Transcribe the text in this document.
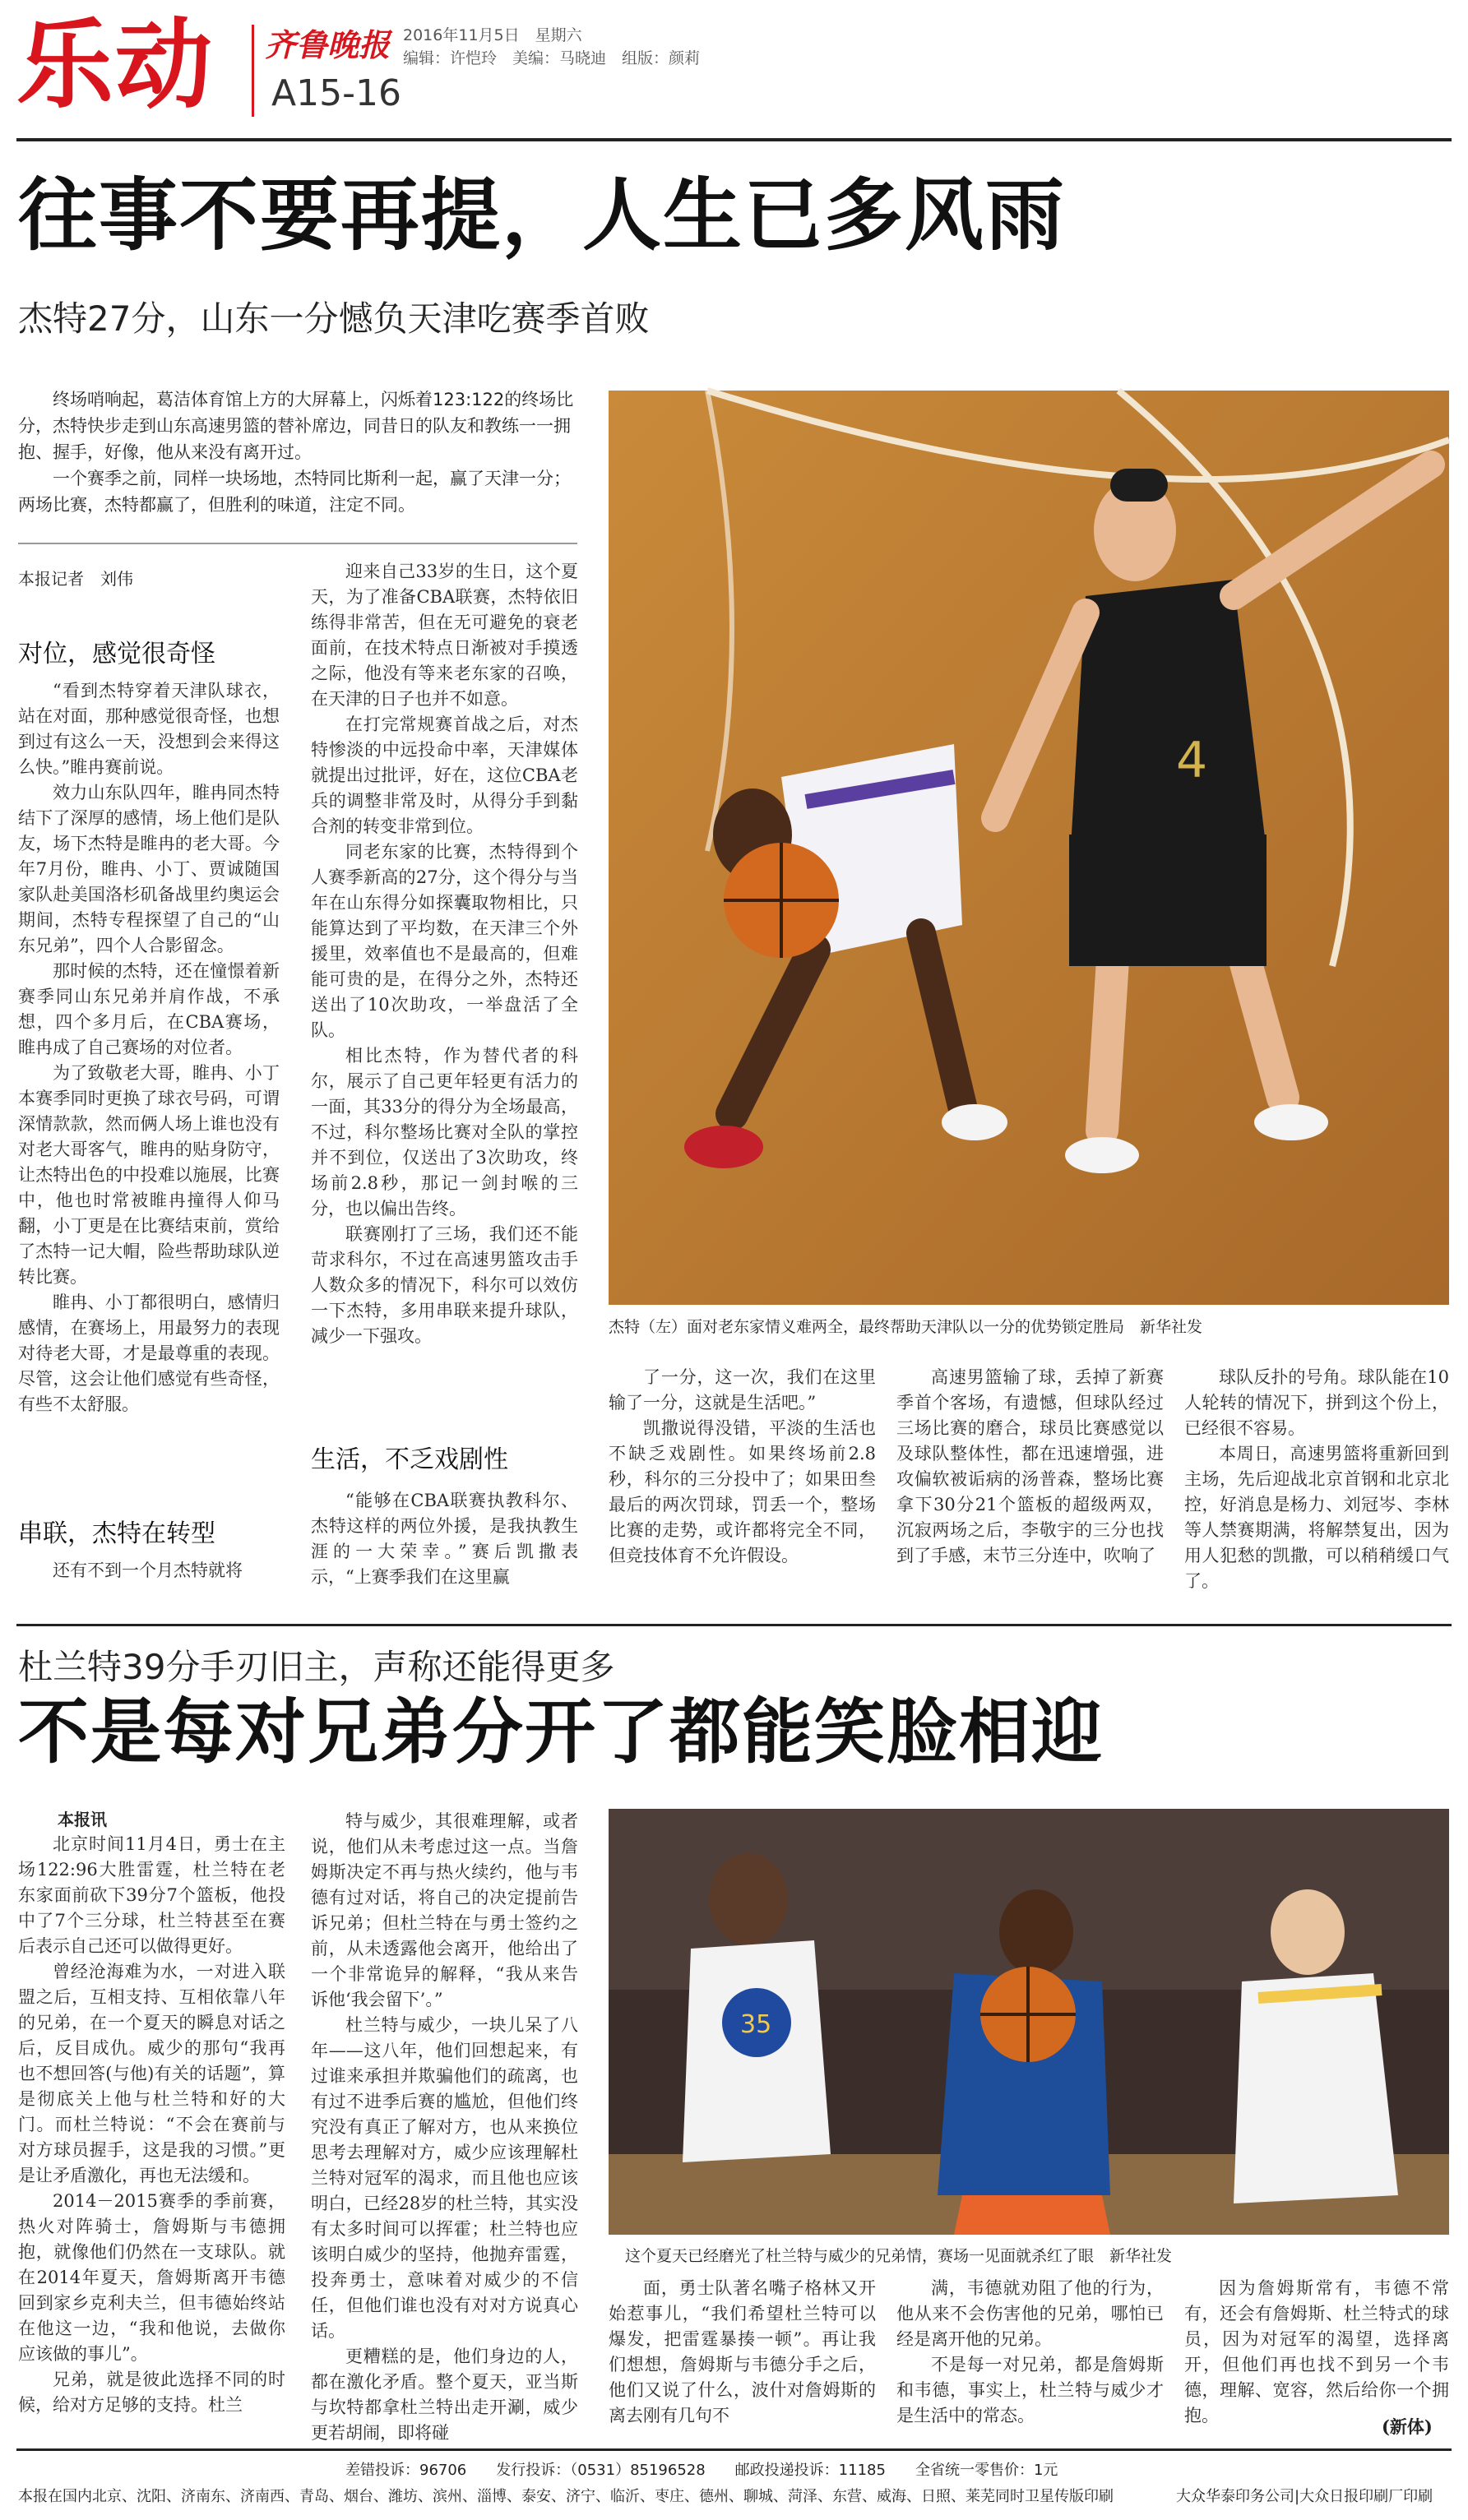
乐动 齐鲁晚报
A15-16
2016年11月5日　星期六
编辑：许恺玲　美编：马晓迪　组版：颜莉
往事不要再提，人生已多风雨
杰特27分，山东一分憾负天津吃赛季首败

终场哨响起，葛洁体育馆上方的大屏幕上，闪烁着123:122的终场比分，杰特快步走到山东高速男篮的替补席边，同昔日的队友和教练一一拥抱、握手，好像，他从来没有离开过。

一个赛季之前，同样一块场地，杰特同比斯利一起，赢了天津一分；两场比赛，杰特都赢了，但胜利的味道，注定不同。

本报记者　刘伟
4
杰特（左）面对老东家情义难两全，最终帮助天津队以一分的优势锁定胜局　新华社发
对位，感觉很奇怪

“看到杰特穿着天津队球衣，站在对面，那种感觉很奇怪，也想到过有这么一天，没想到会来得这么快。”睢冉赛前说。

效力山东队四年，睢冉同杰特结下了深厚的感情，场上他们是队友，场下杰特是睢冉的老大哥。今年7月份，睢冉、小丁、贾诚随国家队赴美国洛杉矶备战里约奥运会期间，杰特专程探望了自己的“山东兄弟”，四个人合影留念。

那时候的杰特，还在憧憬着新赛季同山东兄弟并肩作战，不承想，四个多月后，在CBA赛场，睢冉成了自己赛场的对位者。

为了致敬老大哥，睢冉、小丁本赛季同时更换了球衣号码，可谓深情款款，然而俩人场上谁也没有对老大哥客气，睢冉的贴身防守，让杰特出色的中投难以施展，比赛中，他也时常被睢冉撞得人仰马翻，小丁更是在比赛结束前，赏给了杰特一记大帽，险些帮助球队逆转比赛。

睢冉、小丁都很明白，感情归感情，在赛场上，用最努力的表现对待老大哥，才是最尊重的表现。尽管，这会让他们感觉有些奇怪，有些不太舒服。

串联，杰特在转型

还有不到一个月杰特就将

迎来自己33岁的生日，这个夏天，为了准备CBA联赛，杰特依旧练得非常苦，但在无可避免的衰老面前，在技术特点日渐被对手摸透之际，他没有等来老东家的召唤，在天津的日子也并不如意。

在打完常规赛首战之后，对杰特惨淡的中远投命中率，天津媒体就提出过批评，好在，这位CBA老兵的调整非常及时，从得分手到黏合剂的转变非常到位。

同老东家的比赛，杰特得到个人赛季新高的27分，这个得分与当年在山东得分如探囊取物相比，只能算达到了平均数，在天津三个外援里，效率值也不是最高的，但难能可贵的是，在得分之外，杰特还送出了10次助攻，一举盘活了全队。

相比杰特，作为替代者的科尔，展示了自己更年轻更有活力的一面，其33分的得分为全场最高，不过，科尔整场比赛对全队的掌控并不到位，仅送出了3次助攻，终场前2.8秒，那记一剑封喉的三分，也以偏出告终。

联赛刚打了三场，我们还不能苛求科尔，不过在高速男篮攻击手人数众多的情况下，科尔可以效仿一下杰特，多用串联来提升球队，减少一下强攻。

生活，不乏戏剧性

“能够在CBA联赛执教科尔、杰特这样的两位外援，是我执教生涯的一大荣幸。”赛后凯撒表示，“上赛季我们在这里赢

了一分，这一次，我们在这里输了一分，这就是生活吧。”

凯撒说得没错，平淡的生活也不缺乏戏剧性。如果终场前2.8秒，科尔的三分投中了；如果田叁最后的两次罚球，罚丢一个，整场比赛的走势，或许都将完全不同，但竞技体育不允许假设。

高速男篮输了球，丢掉了新赛季首个客场，有遗憾，但球队经过三场比赛的磨合，球员比赛感觉以及球队整体性，都在迅速增强，进攻偏软被诟病的汤普森，整场比赛拿下30分21个篮板的超级两双，沉寂两场之后，李敬宇的三分也找到了手感，末节三分连中，吹响了

球队反扑的号角。球队能在10人轮转的情况下，拼到这个份上，已经很不容易。

本周日，高速男篮将重新回到主场，先后迎战北京首钢和北京北控，好消息是杨力、刘冠岑、李林等人禁赛期满，将解禁复出，因为用人犯愁的凯撒，可以稍稍缓口气了。

杜兰特39分手刃旧主，声称还能得更多
不是每对兄弟分开了都能笑脸相迎
本报讯

北京时间11月4日，勇士在主场122:96大胜雷霆，杜兰特在老东家面前砍下39分7个篮板，他投中了7个三分球，杜兰特甚至在赛后表示自己还可以做得更好。

曾经沧海难为水，一对进入联盟之后，互相支持、互相依靠八年的兄弟，在一个夏天的瞬息对话之后，反目成仇。威少的那句“我再也不想回答(与他)有关的话题”，算是彻底关上他与杜兰特和好的大门。而杜兰特说：“不会在赛前与对方球员握手，这是我的习惯。”更是让矛盾激化，再也无法缓和。

2014－2015赛季的季前赛，热火对阵骑士，詹姆斯与韦德拥抱，就像他们仍然在一支球队。就在2014年夏天，詹姆斯离开韦德回到家乡克利夫兰，但韦德始终站在他这一边，“我和他说，去做你应该做的事儿”。

兄弟，就是彼此选择不同的时候，给对方足够的支持。杜兰

特与威少，其很难理解，或者说，他们从未考虑过这一点。当詹姆斯决定不再与热火续约，他与韦德有过对话，将自己的决定提前告诉兄弟；但杜兰特在与勇士签约之前，从未透露他会离开，他给出了一个非常诡异的解释，“我从来告诉他‘我会留下’。”

杜兰特与威少，一块儿呆了八年——这八年，他们回想起来，有过谁来承担并欺骗他们的疏离，也有过不进季后赛的尴尬，但他们终究没有真正了解对方，也从来换位思考去理解对方，威少应该理解杜兰特对冠军的渴求，而且他也应该明白，已经28岁的杜兰特，其实没有太多时间可以挥霍；杜兰特也应该明白威少的坚持，他抛弃雷霆，投奔勇士，意味着对威少的不信任，但他们谁也没有对对方说真心话。

更糟糕的是，他们身边的人，都在激化矛盾。整个夏天，亚当斯与坎特都拿杜兰特出走开涮，威少更若胡闹，即将碰

35
这个夏天已经磨光了杜兰特与威少的兄弟情，赛场一见面就杀红了眼　新华社发

面，勇士队著名嘴子格林又开始惹事儿，“我们希望杜兰特可以爆发，把雷霆暴揍一顿”。再让我们想想，詹姆斯与韦德分手之后，他们又说了什么，波什对詹姆斯的离去刚有几句不

满，韦德就劝阻了他的行为，他从来不会伤害他的兄弟，哪怕已经是离开他的兄弟。

不是每一对兄弟，都是詹姆斯和韦德，事实上，杜兰特与威少才是生活中的常态。

因为詹姆斯常有，韦德不常有，还会有詹姆斯、杜兰特式的球员，因为对冠军的渴望，选择离开，但他们再也找不到另一个韦德，理解、宽容，然后给你一个拥抱。

(新体)
差错投诉：96706　　发行投诉：（0531）85196528　　邮政投递投诉：11185　　全省统一零售价：1元
本报在国内北京、沈阳、济南东、济南西、青岛、烟台、潍坊、滨州、淄博、泰安、济宁、临沂、枣庄、德州、聊城、菏泽、东营、威海、日照、莱芜同时卫星传版印刷	大众华泰印务公司|大众日报印刷厂印刷
